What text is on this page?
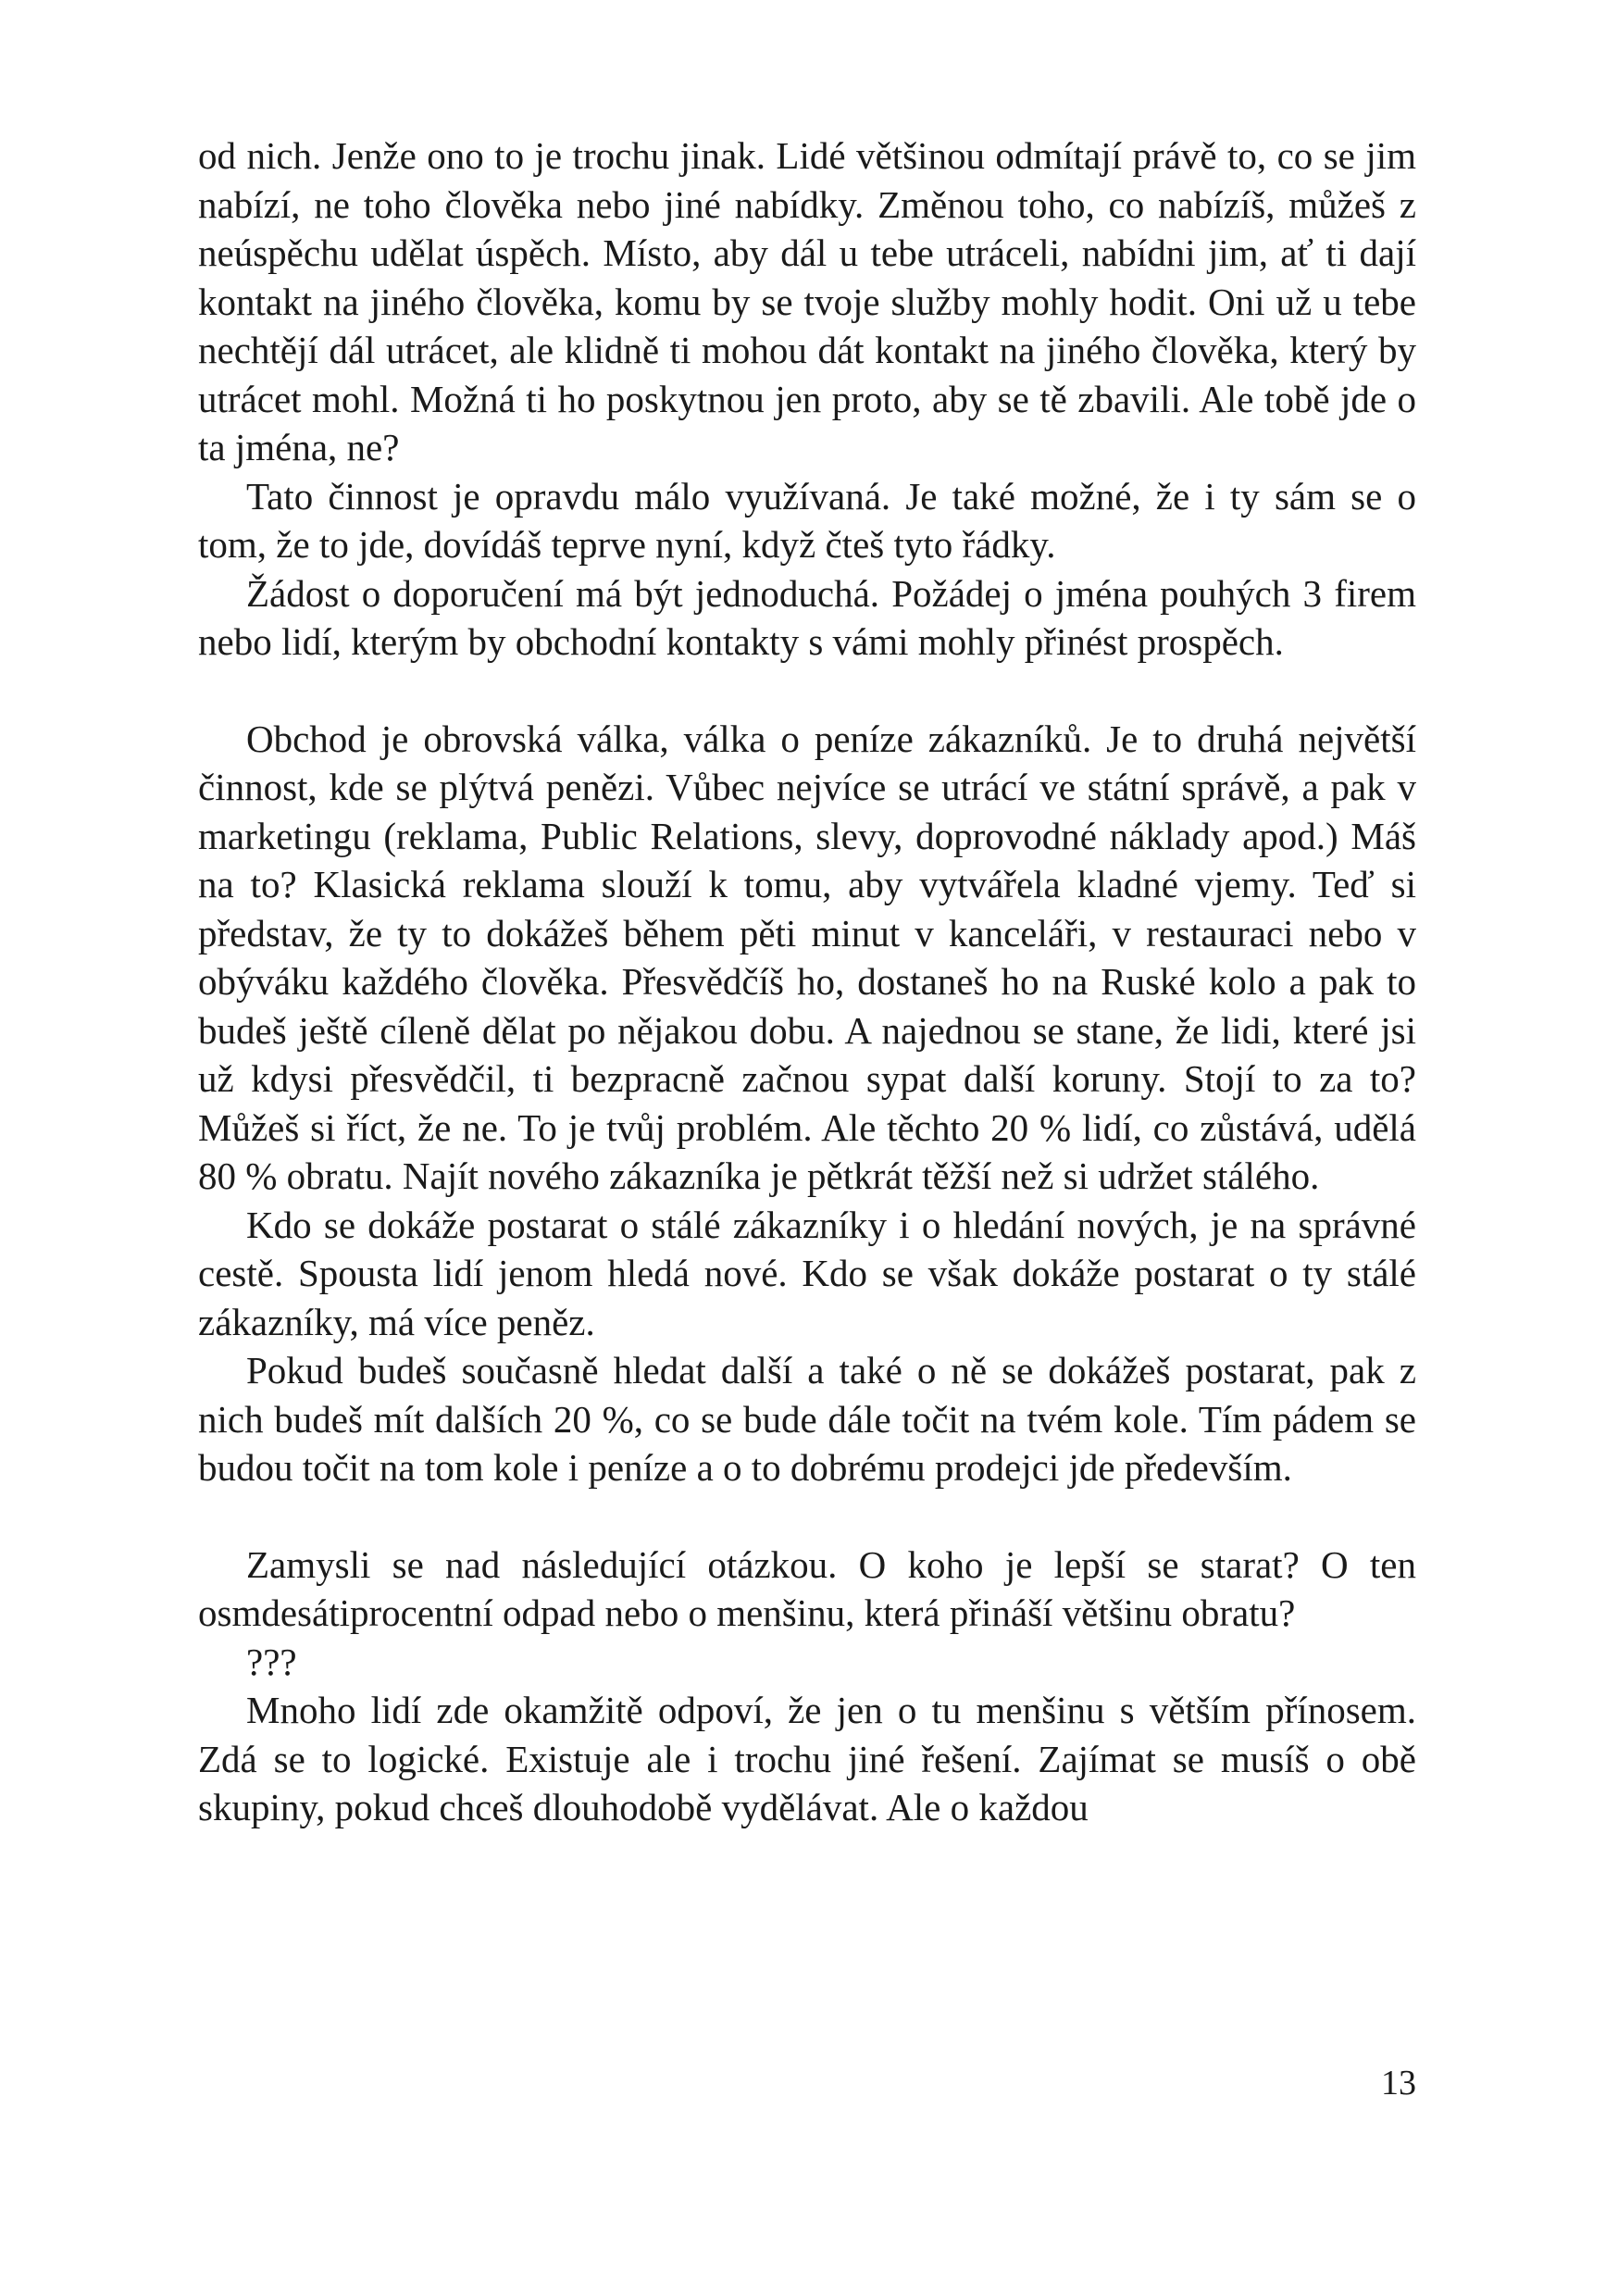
od nich. Jenže ono to je trochu jinak. Lidé většinou odmítají právě to, co se jim nabízí, ne toho člověka nebo jiné nabídky. Změnou toho, co nabízíš, můžeš z neúspěchu udělat úspěch. Místo, aby dál u tebe utráceli, nabídni jim, ať ti dají kontakt na jiného člověka, komu by se tvoje služby mohly hodit. Oni už u tebe nechtějí dál utrácet, ale klidně ti mohou dát kontakt na jiného člověka, který by utrácet mohl. Možná ti ho poskytnou jen proto, aby se tě zbavili. Ale tobě jde o ta jména, ne?

Tato činnost je opravdu málo využívaná. Je také možné, že i ty sám se o tom, že to jde, dovídáš teprve nyní, když čteš tyto řádky.

Žádost o doporučení má být jednoduchá. Požádej o jména pouhých 3 firem nebo lidí, kterým by obchodní kontakty s vámi mohly přinést prospěch.

Obchod je obrovská válka, válka o peníze zákazníků. Je to druhá největší činnost, kde se plýtvá penězi. Vůbec nejvíce se utrácí ve státní správě, a pak v marketingu (reklama, Public Relations, slevy, doprovodné náklady apod.) Máš na to? Klasická reklama slouží k tomu, aby vytvářela kladné vjemy. Teď si představ, že ty to dokážeš během pěti minut v kanceláři, v restauraci nebo v obýváku každého člověka. Přesvědčíš ho, dostaneš ho na Ruské kolo a pak to budeš ještě cíleně dělat po nějakou dobu. A najednou se stane, že lidi, které jsi už kdysi přesvědčil, ti bezpracně začnou sypat další koruny. Stojí to za to? Můžeš si říct, že ne. To je tvůj problém. Ale těchto 20 % lidí, co zůstává, udělá 80 % obratu. Najít nového zákazníka je pětkrát těžší než si udržet stálého.

Kdo se dokáže postarat o stálé zákazníky i o hledání nových, je na správné cestě. Spousta lidí jenom hledá nové. Kdo se však dokáže postarat o ty stálé zákazníky, má více peněz.

Pokud budeš současně hledat další a také o ně se dokážeš postarat, pak z nich budeš mít dalších 20 %, co se bude dále točit na tvém kole. Tím pádem se budou točit na tom kole i peníze a o to dobrému prodejci jde především.

Zamysli se nad následující otázkou. O koho je lepší se starat? O ten osmdesátiprocentní odpad nebo o menšinu, která přináší většinu obratu?

???

Mnoho lidí zde okamžitě odpoví, že jen o tu menšinu s větším přínosem. Zdá se to logické. Existuje ale i trochu jiné řešení. Zajímat se musíš o obě skupiny, pokud chceš dlouhodobě vydělávat. Ale o každou

13
